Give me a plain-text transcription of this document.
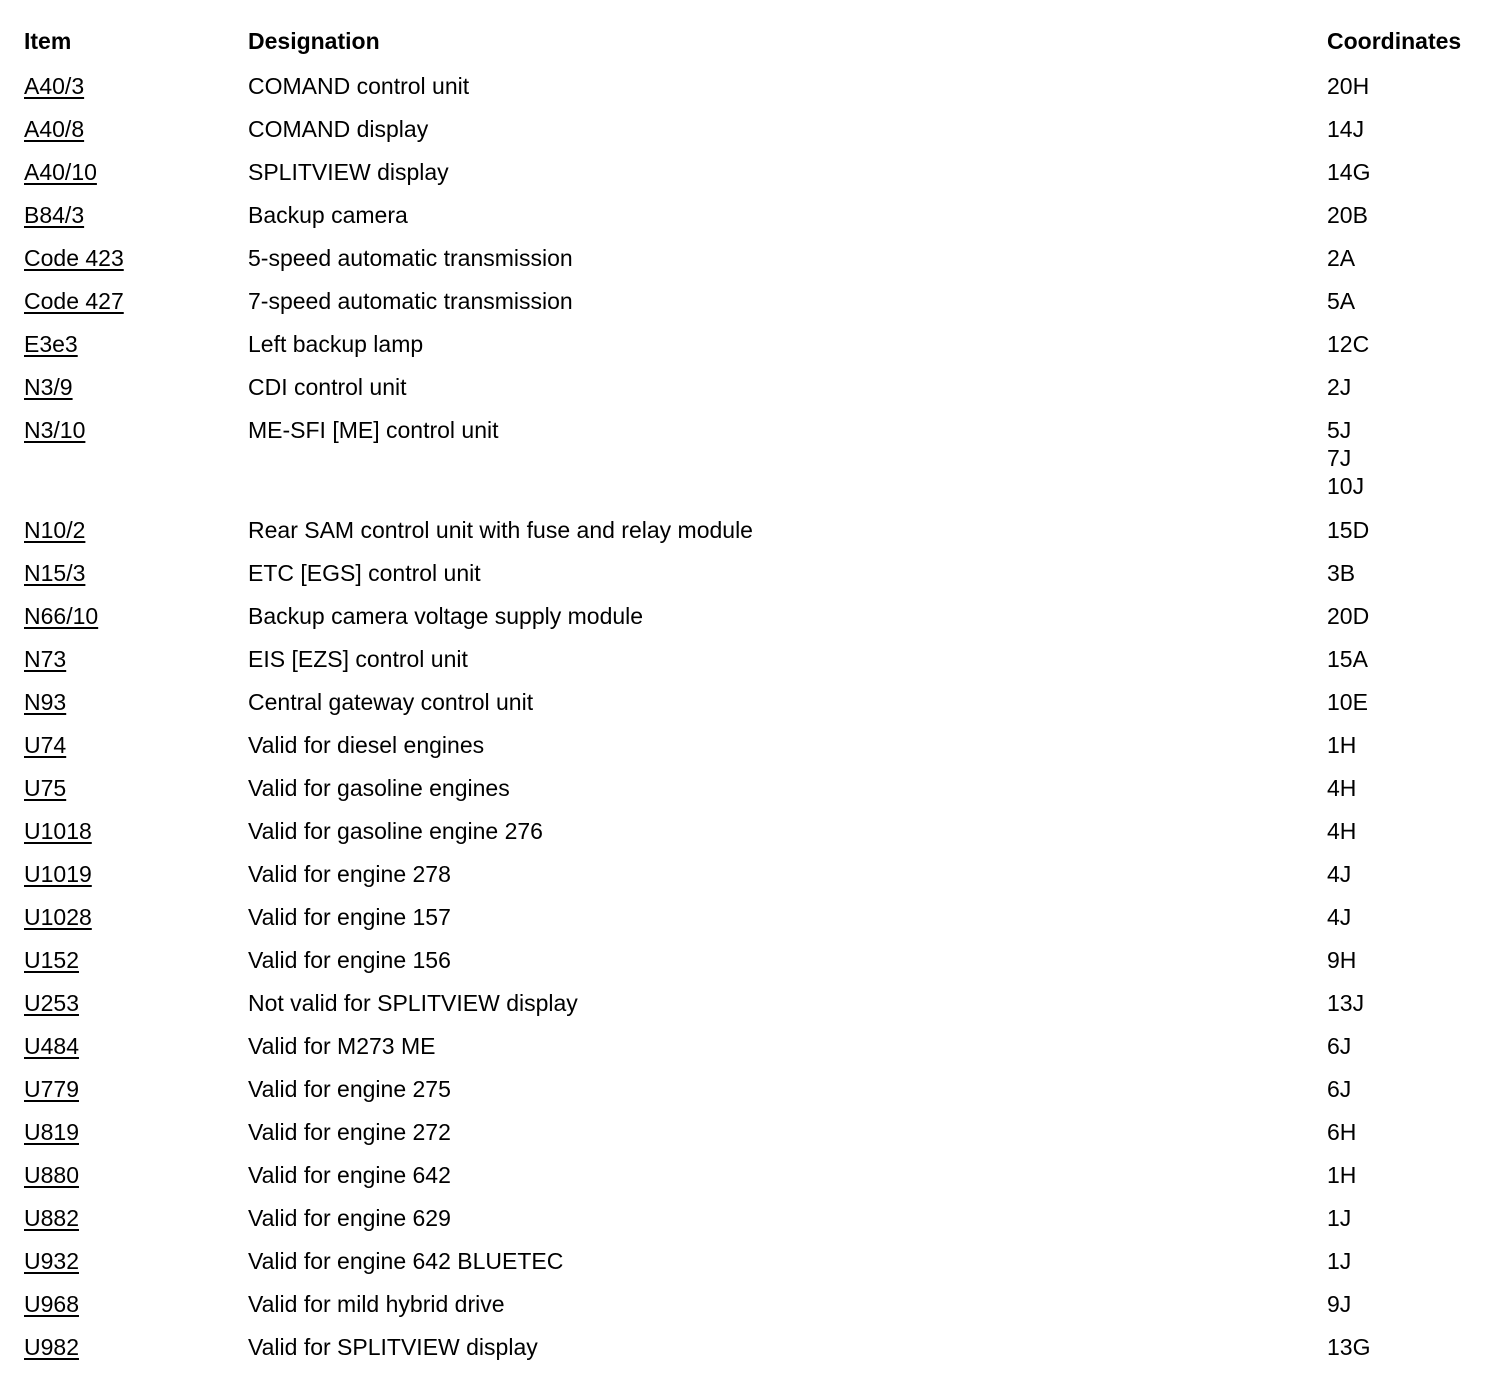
Item	Designation	Coordinates
A40/3	COMAND control unit	20H

A40/8	COMAND display	14J

A40/10	SPLITVIEW display	14G

B84/3	Backup camera	20B

Code 423	5-speed automatic transmission	2A

Code 427	7-speed automatic transmission	5A

E3e3	Left backup lamp	12C

N3/9	CDI control unit	2J

N3/10	ME-SFI [ME] control unit	5J
7J
10J

N10/2	Rear SAM control unit with fuse and relay module	15D

N15/3	ETC [EGS] control unit	3B

N66/10	Backup camera voltage supply module	20D

N73	EIS [EZS] control unit	15A

N93	Central gateway control unit	10E

U74	Valid for diesel engines	1H

U75	Valid for gasoline engines	4H

U1018	Valid for gasoline engine 276	4H

U1019	Valid for engine 278	4J

U1028	Valid for engine 157	4J

U152	Valid for engine 156	9H

U253	Not valid for SPLITVIEW display	13J

U484	Valid for M273 ME	6J

U779	Valid for engine 275	6J

U819	Valid for engine 272	6H

U880	Valid for engine 642	1H

U882	Valid for engine 629	1J

U932	Valid for engine 642 BLUETEC	1J

U968	Valid for mild hybrid drive	9J

U982	Valid for SPLITVIEW display	13G
